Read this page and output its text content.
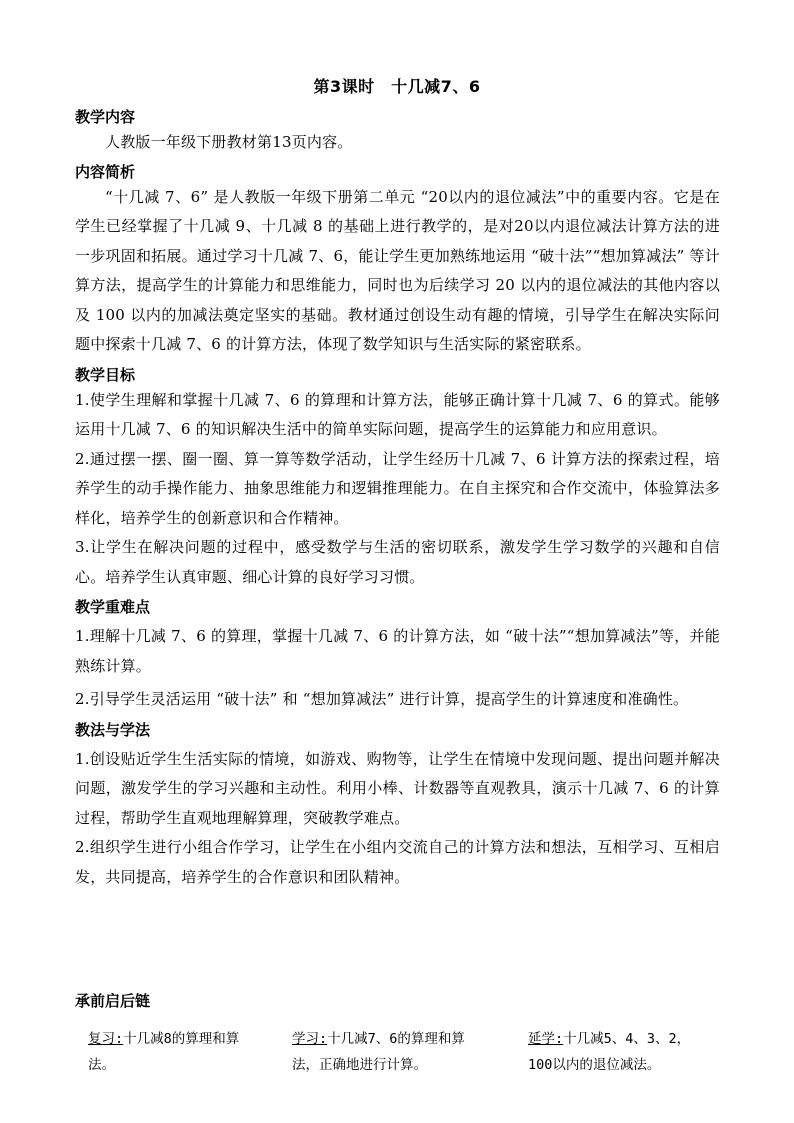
第3课时　十几减7、6
教学内容

人教版一年级下册教材第13页内容。

内容简析

“十几减 7、6” 是人教版一年级下册第二单元 “20以内的退位减法”中的重要内容。它是在学生已经掌握了十几减 9、十几减 8 的基础上进行教学的，是对20以内退位减法计算方法的进一步巩固和拓展。通过学习十几减 7、6，能让学生更加熟练地运用 “破十法”“想加算减法” 等计算方法，提高学生的计算能力和思维能力，同时也为后续学习 20 以内的退位减法的其他内容以及 100 以内的加减法奠定坚实的基础。教材通过创设生动有趣的情境，引导学生在解决实际问题中探索十几减 7、6 的计算方法，体现了数学知识与生活实际的紧密联系。

教学目标

1.使学生理解和掌握十几减 7、6 的算理和计算方法，能够正确计算十几减 7、6 的算式。能够运用十几减 7、6 的知识解决生活中的简单实际问题，提高学生的运算能力和应用意识。

2.通过摆一摆、圈一圈、算一算等数学活动，让学生经历十几减 7、6 计算方法的探索过程，培养学生的动手操作能力、抽象思维能力和逻辑推理能力。在自主探究和合作交流中，体验算法多样化，培养学生的创新意识和合作精神。

3.让学生在解决问题的过程中，感受数学与生活的密切联系，激发学生学习数学的兴趣和自信心。培养学生认真审题、细心计算的良好学习习惯。

教学重难点

1.理解十几减 7、6 的算理，掌握十几减 7、6 的计算方法，如 “破十法”“想加算减法”等，并能熟练计算。

2.引导学生灵活运用 “破十法” 和 “想加算减法” 进行计算，提高学生的计算速度和准确性。

教法与学法

1.创设贴近学生生活实际的情境，如游戏、购物等，让学生在情境中发现问题、提出问题并解决问题，激发学生的学习兴趣和主动性。利用小棒、计数器等直观教具，演示十几减 7、6 的计算过程，帮助学生直观地理解算理，突破教学难点。

2.组织学生进行小组合作学习，让学生在小组内交流自己的计算方法和想法，互相学习、互相启发，共同提高，培养学生的合作意识和团队精神。

承前启后链
复习:十几减8的算理和算法。
学习:十几减7、6的算理和算法，正确地进行计算。
延学:十几减5、4、3、2，100以内的退位减法。
